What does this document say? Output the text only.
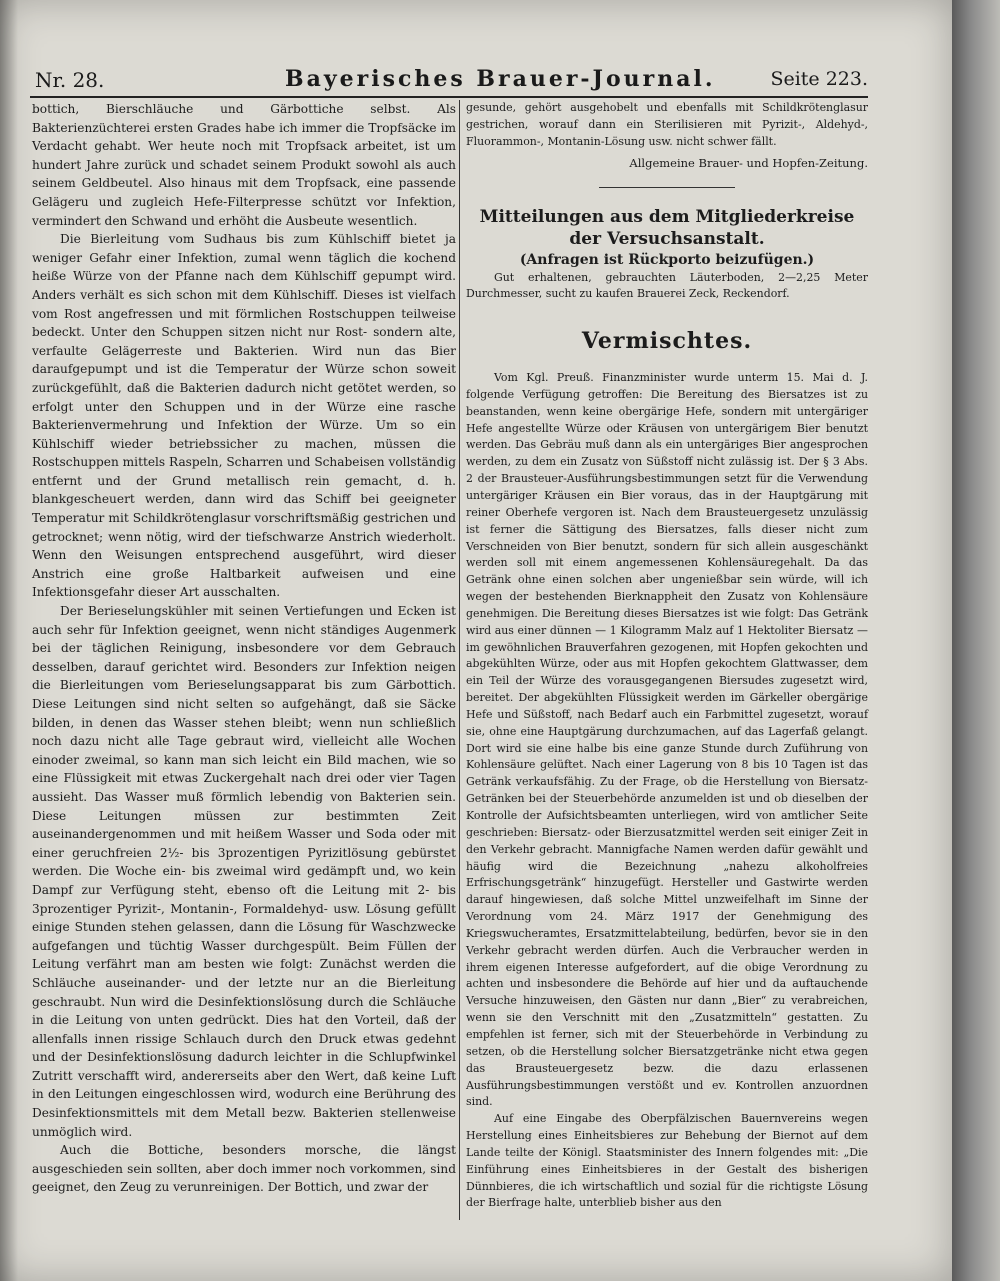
Nr. 28.	Bayerisches Brauer-Journal.	Seite 223.

bottich, Bierschläuche und Gärbottiche selbst. Als Bakterienzüchterei ersten Grades habe ich immer die Tropfsäcke im Verdacht gehabt. Wer heute noch mit Tropfsack arbeitet, ist um hundert Jahre zurück und schadet seinem Produkt sowohl als auch seinem Geldbeutel. Also hinaus mit dem Tropfsack, eine passende Gelägeru und zugleich Hefe-Filterpresse schützt vor Infektion, vermindert den Schwand und erhöht die Ausbeute wesentlich.

Die Bierleitung vom Sudhaus bis zum Kühlschiff bietet ja weniger Gefahr einer Infektion, zumal wenn täglich die kochend heiße Würze von der Pfanne nach dem Kühlschiff gepumpt wird. Anders verhält es sich schon mit dem Kühlschiff. Dieses ist vielfach vom Rost angefressen und mit förmlichen Rostschuppen teilweise bedeckt. Unter den Schuppen sitzen nicht nur Rost- sondern alte, verfaulte Gelägerreste und Bakterien. Wird nun das Bier daraufgepumpt und ist die Temperatur der Würze schon soweit zurückgefühlt, daß die Bakterien dadurch nicht getötet werden, so erfolgt unter den Schuppen und in der Würze eine rasche Bakterienvermehrung und Infektion der Würze. Um so ein Kühlschiff wieder betriebssicher zu machen, müssen die Rostschuppen mittels Raspeln, Scharren und Schabeisen vollständig entfernt und der Grund metallisch rein gemacht, d. h. blankgescheuert werden, dann wird das Schiff bei geeigneter Temperatur mit Schildkrötenglasur vorschriftsmäßig gestrichen und getrocknet; wenn nötig, wird der tiefschwarze Anstrich wiederholt. Wenn den Weisungen entsprechend ausgeführt, wird dieser Anstrich eine große Haltbarkeit aufweisen und eine Infektionsgefahr dieser Art ausschalten.

Der Berieselungskühler mit seinen Vertiefungen und Ecken ist auch sehr für Infektion geeignet, wenn nicht ständiges Augenmerk bei der täglichen Reinigung, insbesondere vor dem Gebrauch desselben, darauf gerichtet wird. Besonders zur Infektion neigen die Bierleitungen vom Berieselungsapparat bis zum Gärbottich. Diese Leitungen sind nicht selten so aufgehängt, daß sie Säcke bilden, in denen das Wasser stehen bleibt; wenn nun schließlich noch dazu nicht alle Tage gebraut wird, vielleicht alle Wochen einoder zweimal, so kann man sich leicht ein Bild machen, wie so eine Flüssigkeit mit etwas Zuckergehalt nach drei oder vier Tagen aussieht. Das Wasser muß förmlich lebendig von Bakterien sein. Diese Leitungen müssen zur bestimmten Zeit auseinandergenommen und mit heißem Wasser und Soda oder mit einer geruchfreien 2½- bis 3prozentigen Pyrizitlösung gebürstet werden. Die Woche ein- bis zweimal wird gedämpft und, wo kein Dampf zur Verfügung steht, ebenso oft die Leitung mit 2- bis 3prozentiger Pyrizit-, Montanin-, Formaldehyd- usw. Lösung gefüllt einige Stunden stehen gelassen, dann die Lösung für Waschzwecke aufgefangen und tüchtig Wasser durchgespült. Beim Füllen der Leitung verfährt man am besten wie folgt: Zunächst werden die Schläuche auseinander- und der letzte nur an die Bierleitung geschraubt. Nun wird die Desinfektionslösung durch die Schläuche in die Leitung von unten gedrückt. Dies hat den Vorteil, daß der allenfalls innen rissige Schlauch durch den Druck etwas gedehnt und der Desinfektionslösung dadurch leichter in die Schlupfwinkel Zutritt verschafft wird, andererseits aber den Wert, daß keine Luft in den Leitungen eingeschlossen wird, wodurch eine Berührung des Desinfektionsmittels mit dem Metall bezw. Bakterien stellenweise unmöglich wird.

Auch die Bottiche, besonders morsche, die längst ausgeschieden sein sollten, aber doch immer noch vorkommen, sind geeignet, den Zeug zu verunreinigen. Der Bottich, und zwar der

gesunde, gehört ausgehobelt und ebenfalls mit Schildkrötenglasur gestrichen, worauf dann ein Sterilisieren mit Pyrizit-, Aldehyd-, Fluorammon-, Montanin-Lösung usw. nicht schwer fällt.

Allgemeine Brauer- und Hopfen-Zeitung.
Mitteilungen aus dem Mitgliederkreise der Versuchsanstalt.
(Anfragen ist Rückporto beizufügen.)

Gut erhaltenen, gebrauchten Läuterboden, 2—2,25 Meter Durchmesser, sucht zu kaufen Brauerei Zeck, Reckendorf.

Vermischtes.

Vom Kgl. Preuß. Finanzminister wurde unterm 15. Mai d. J. folgende Verfügung getroffen: Die Bereitung des Biersatzes ist zu beanstanden, wenn keine obergärige Hefe, sondern mit untergäriger Hefe angestellte Würze oder Kräusen von untergärigem Bier benutzt werden. Das Gebräu muß dann als ein untergäriges Bier angesprochen werden, zu dem ein Zusatz von Süßstoff nicht zulässig ist. Der § 3 Abs. 2 der Brausteuer-Ausführungsbestimmungen setzt für die Verwendung untergäriger Kräusen ein Bier voraus, das in der Hauptgärung mit reiner Oberhefe vergoren ist. Nach dem Brausteuergesetz unzulässig ist ferner die Sättigung des Biersatzes, falls dieser nicht zum Verschneiden von Bier benutzt, sondern für sich allein ausgeschänkt werden soll mit einem angemessenen Kohlensäuregehalt. Da das Getränk ohne einen solchen aber ungenießbar sein würde, will ich wegen der bestehenden Bierknappheit den Zusatz von Kohlensäure genehmigen. Die Bereitung dieses Biersatzes ist wie folgt: Das Getränk wird aus einer dünnen — 1 Kilogramm Malz auf 1 Hektoliter Biersatz — im gewöhnlichen Brauverfahren gezogenen, mit Hopfen gekochten und abgekühlten Würze, oder aus mit Hopfen gekochtem Glattwasser, dem ein Teil der Würze des vorausgegangenen Biersudes zugesetzt wird, bereitet. Der abgekühlten Flüssigkeit werden im Gärkeller obergärige Hefe und Süßstoff, nach Bedarf auch ein Farbmittel zugesetzt, worauf sie, ohne eine Hauptgärung durchzumachen, auf das Lagerfaß gelangt. Dort wird sie eine halbe bis eine ganze Stunde durch Zuführung von Kohlensäure gelüftet. Nach einer Lagerung von 8 bis 10 Tagen ist das Getränk verkaufsfähig. Zu der Frage, ob die Herstellung von Biersatz-Getränken bei der Steuerbehörde anzumelden ist und ob dieselben der Kontrolle der Aufsichtsbeamten unterliegen, wird von amtlicher Seite geschrieben: Biersatz- oder Bierzusatzmittel werden seit einiger Zeit in den Verkehr gebracht. Mannigfache Namen werden dafür gewählt und häufig wird die Bezeichnung „nahezu alkoholfreies Erfrischungsgetränk“ hinzugefügt. Hersteller und Gastwirte werden darauf hingewiesen, daß solche Mittel unzweifelhaft im Sinne der Verordnung vom 24. März 1917 der Genehmigung des Kriegswucheramtes, Ersatzmittelabteilung, bedürfen, bevor sie in den Verkehr gebracht werden dürfen. Auch die Verbraucher werden in ihrem eigenen Interesse aufgefordert, auf die obige Verordnung zu achten und insbesondere die Behörde auf hier und da auftauchende Versuche hinzuweisen, den Gästen nur dann „Bier“ zu verabreichen, wenn sie den Verschnitt mit den „Zusatzmitteln“ gestatten. Zu empfehlen ist ferner, sich mit der Steuerbehörde in Verbindung zu setzen, ob die Herstellung solcher Biersatzgetränke nicht etwa gegen das Brausteuergesetz bezw. die dazu erlassenen Ausführungsbestimmungen verstößt und ev. Kontrollen anzuordnen sind.

Auf eine Eingabe des Oberpfälzischen Bauernvereins wegen Herstellung eines Einheitsbieres zur Behebung der Biernot auf dem Lande teilte der Königl. Staatsminister des Innern folgendes mit: „Die Einführung eines Einheitsbieres in der Gestalt des bisherigen Dünnbieres, die ich wirtschaftlich und sozial für die richtigste Lösung der Bierfrage halte, unterblieb bisher aus den
